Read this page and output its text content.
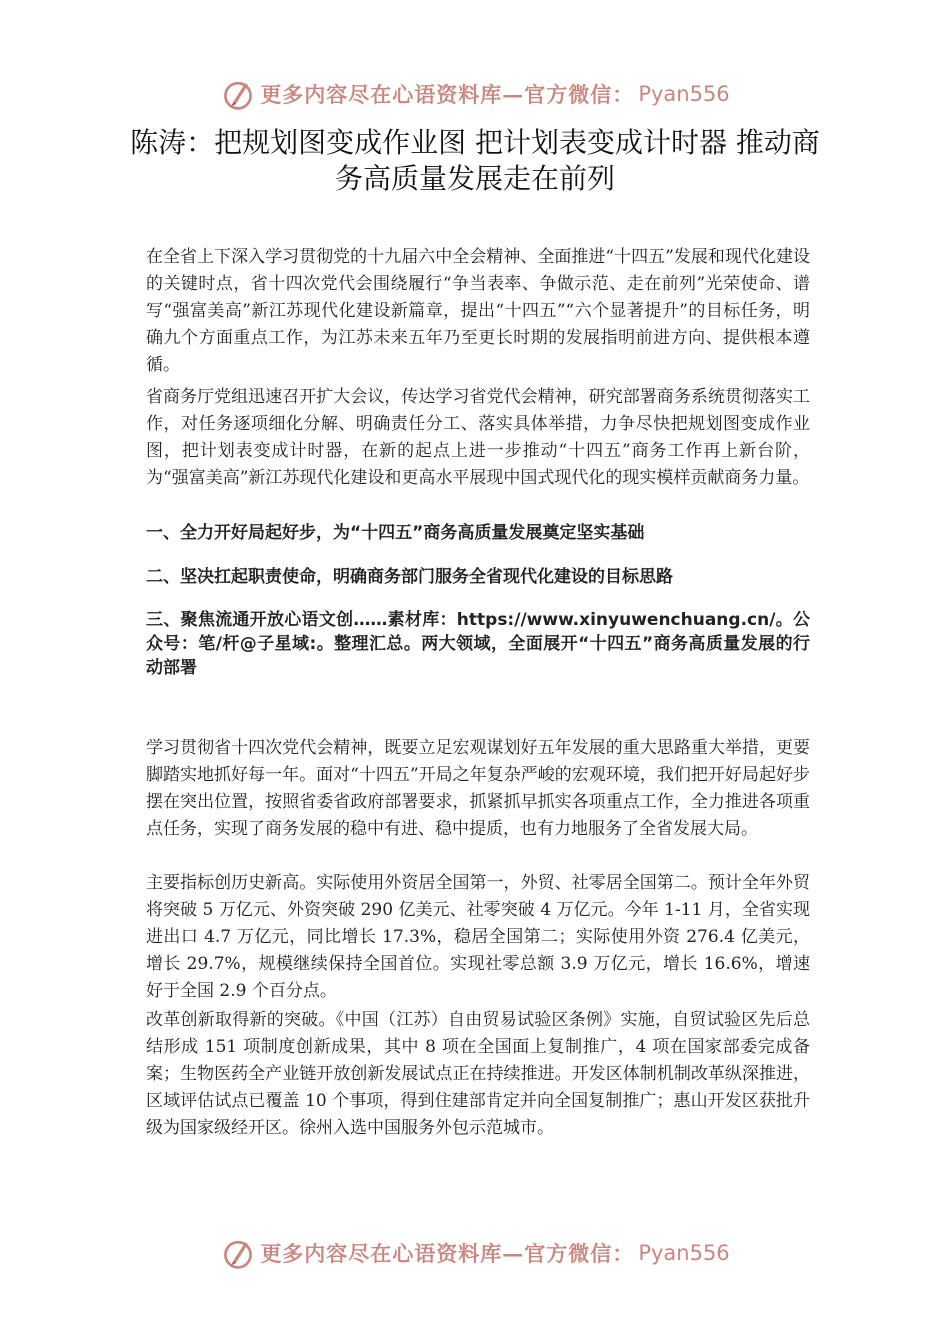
更多内容尽在心语资料库—官方微信： Pyan556
陈涛：把规划图变成作业图 把计划表变成计时器 推动商务高质量发展走在前列

在全省上下深入学习贯彻党的十九届六中全会精神、全面推进“十四五”发展和现代化建设的关键时点，省十四次党代会围绕履行“争当表率、争做示范、走在前列”光荣使命、谱写“强富美高”新江苏现代化建设新篇章，提出“十四五”“六个显著提升”的目标任务，明确九个方面重点工作，为江苏未来五年乃至更长时期的发展指明前进方向、提供根本遵循。

省商务厅党组迅速召开扩大会议，传达学习省党代会精神，研究部署商务系统贯彻落实工作，对任务逐项细化分解、明确责任分工、落实具体举措，力争尽快把规划图变成作业图，把计划表变成计时器，在新的起点上进一步推动“十四五”商务工作再上新台阶，为“强富美高”新江苏现代化建设和更高水平展现中国式现代化的现实模样贡献商务力量。

一、全力开好局起好步，为“十四五”商务高质量发展奠定坚实基础

二、坚决扛起职责使命，明确商务部门服务全省现代化建设的目标思路

三、聚焦流通开放心语文创……素材库：https://www.xinyuwenchuang.cn/。公众号：笔/杆@子星域:。整理汇总。两大领域，全面展开“十四五”商务高质量发展的行动部署

学习贯彻省十四次党代会精神，既要立足宏观谋划好五年发展的重大思路重大举措，更要脚踏实地抓好每一年。面对“十四五”开局之年复杂严峻的宏观环境，我们把开好局起好步摆在突出位置，按照省委省政府部署要求，抓紧抓早抓实各项重点工作，全力推进各项重点任务，实现了商务发展的稳中有进、稳中提质，也有力地服务了全省发展大局。

主要指标创历史新高。实际使用外资居全国第一，外贸、社零居全国第二。预计全年外贸将突破 5 万亿元、外资突破 290 亿美元、社零突破 4 万亿元。今年 1-11 月，全省实现进出口 4.7 万亿元，同比增长 17.3%，稳居全国第二；实际使用外资 276.4 亿美元，增长 29.7%，规模继续保持全国首位。实现社零总额 3.9 万亿元，增长 16.6%，增速好于全国 2.9 个百分点。

改革创新取得新的突破。《中国（江苏）自由贸易试验区条例》实施，自贸试验区先后总结形成 151 项制度创新成果，其中 8 项在全国面上复制推广，4 项在国家部委完成备案；生物医药全产业链开放创新发展试点正在持续推进。开发区体制机制改革纵深推进，区域评估试点已覆盖 10 个事项，得到住建部肯定并向全国复制推广；惠山开发区获批升级为国家级经开区。徐州入选中国服务外包示范城市。

更多内容尽在心语资料库—官方微信： Pyan556
